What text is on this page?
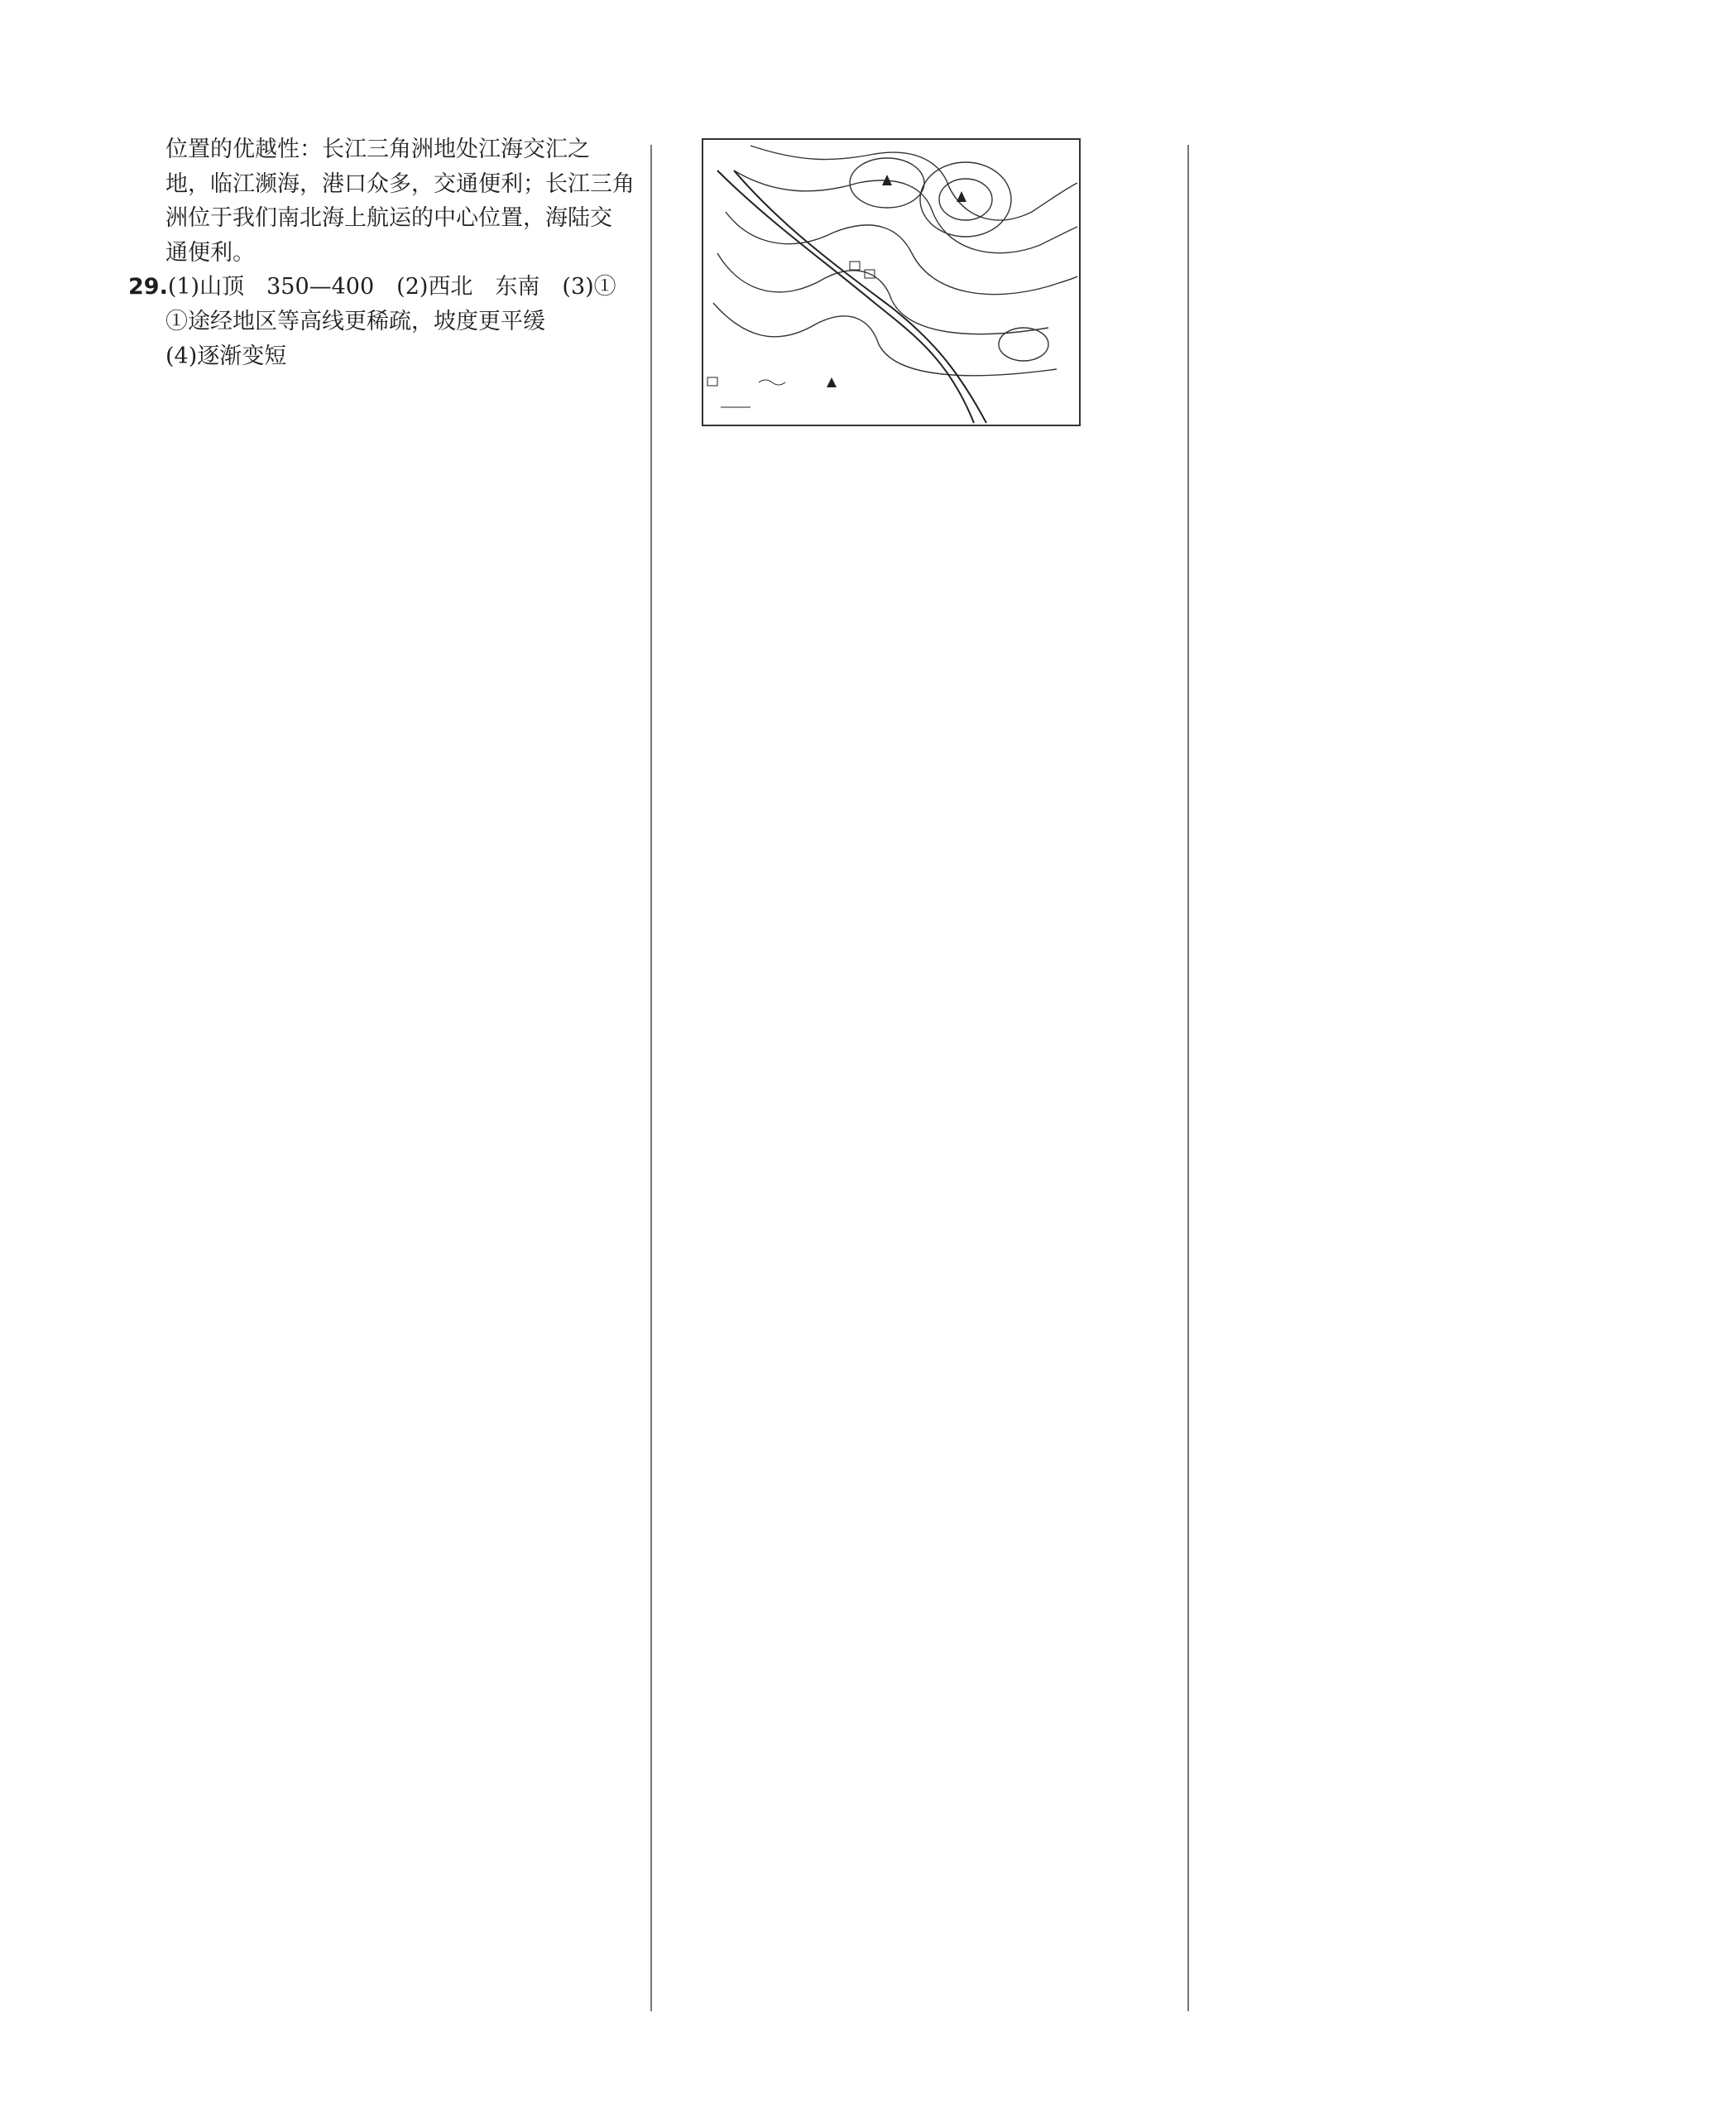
位置的优越性：长江三角洲地处江海交汇之

地，临江濒海，港口众多，交通便利；长江三角

洲位于我们南北海上航运的中心位置，海陆交

通便利。

29.(1)山顶　350—400　(2)西北　东南　(3)①

①途经地区等高线更稀疏，坡度更平缓

(4)逐渐变短
